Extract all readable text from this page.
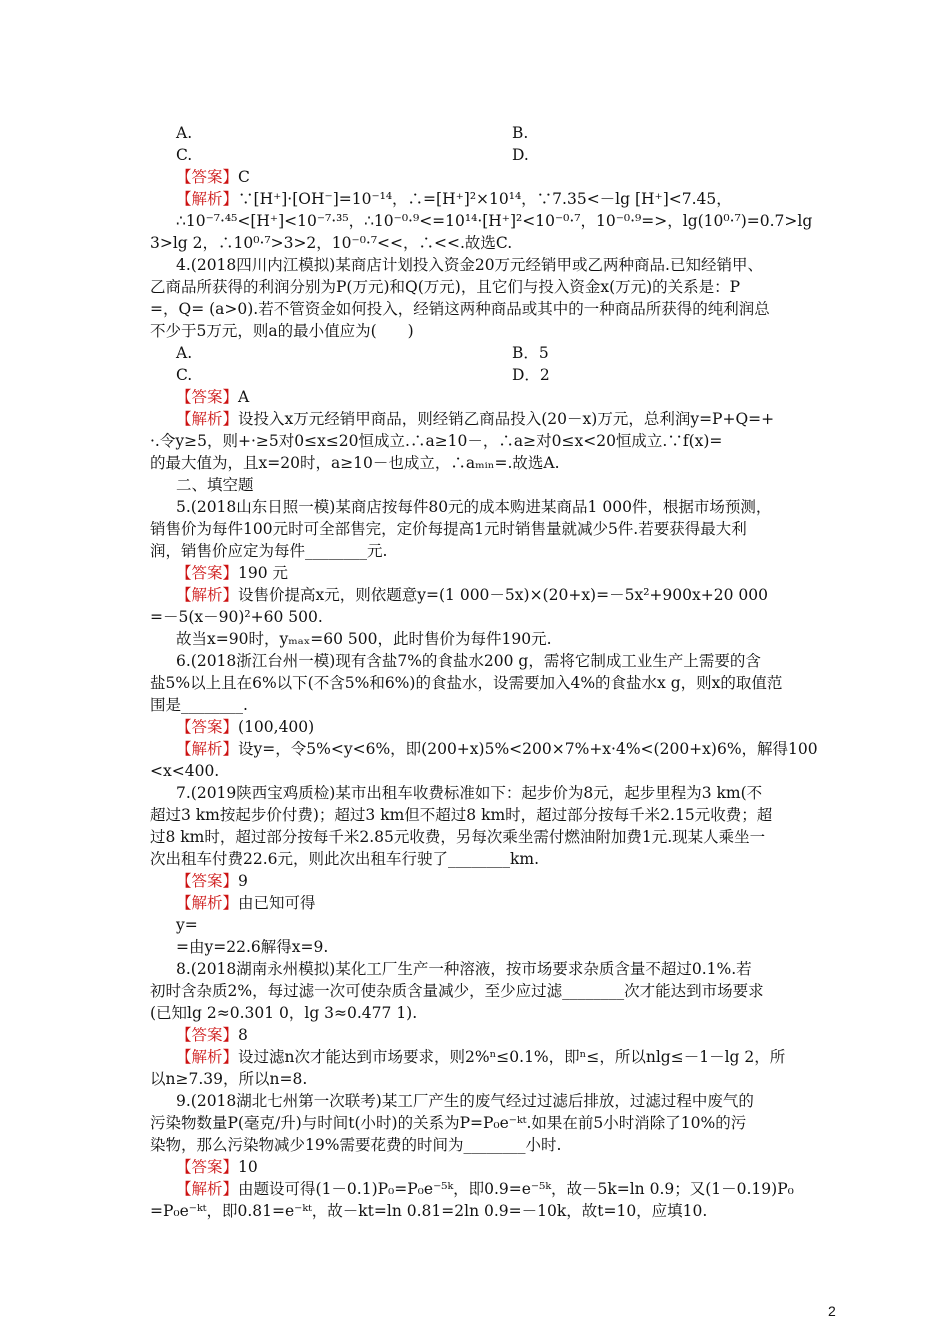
A.	B.
C.	D.
【答案】C
【解析】∵[H⁺]·[OH⁻]=10⁻¹⁴，∴=[H⁺]²×10¹⁴，∵7.35<－lg [H⁺]<7.45，
∴10⁻⁷·⁴⁵<[H⁺]<10⁻⁷·³⁵，∴10⁻⁰·⁹<=10¹⁴·[H⁺]²<10⁻⁰·⁷，10⁻⁰·⁹=>，lg(10⁰·⁷)=0.7>lg
3>lg 2，∴10⁰·⁷>3>2，10⁻⁰·⁷<<，∴<<.故选C.
4.(2018四川内江模拟)某商店计划投入资金20万元经销甲或乙两种商品.已知经销甲、
乙商品所获得的利润分别为P(万元)和Q(万元)，且它们与投入资金x(万元)的关系是：P
=，Q= (a>0).若不管资金如何投入，经销这两种商品或其中的一种商品所获得的纯利润总
不少于5万元，则a的最小值应为(　　)
A.	B．5
C.	D．2
【答案】A
【解析】设投入x万元经销甲商品，则经销乙商品投入(20－x)万元，总利润y=P+Q=+
·.令y≥5，则+·≥5对0≤x≤20恒成立.∴a≥10－，∴a≥对0≤x<20恒成立.∵f(x)=
的最大值为，且x=20时，a≥10－也成立，∴aₘᵢₙ=.故选A.
二、填空题
5.(2018山东日照一模)某商店按每件80元的成本购进某商品1 000件，根据市场预测，
销售价为每件100元时可全部售完，定价每提高1元时销售量就减少5件.若要获得最大利
润，销售价应定为每件________元.
【答案】190 元
【解析】设售价提高x元，则依题意y=(1 000－5x)×(20+x)=－5x²+900x+20 000
=－5(x－90)²+60 500.
故当x=90时，yₘₐₓ=60 500，此时售价为每件190元.
6.(2018浙江台州一模)现有含盐7%的食盐水200 g，需将它制成工业生产上需要的含
盐5%以上且在6%以下(不含5%和6%)的食盐水，设需要加入4%的食盐水x g，则x的取值范
围是________.
【答案】(100,400)
【解析】设y=，令5%<y<6%，即(200+x)5%<200×7%+x·4%<(200+x)6%，解得100
<x<400.
7.(2019陕西宝鸡质检)某市出租车收费标准如下：起步价为8元，起步里程为3 km(不
超过3 km按起步价付费)；超过3 km但不超过8 km时，超过部分按每千米2.15元收费；超
过8 km时，超过部分按每千米2.85元收费，另每次乘坐需付燃油附加费1元.现某人乘坐一
次出租车付费22.6元，则此次出租车行驶了________km.
【答案】9
【解析】由已知可得
y=
=由y=22.6解得x=9.
8.(2018湖南永州模拟)某化工厂生产一种溶液，按市场要求杂质含量不超过0.1%.若
初时含杂质2%，每过滤一次可使杂质含量减少，至少应过滤________次才能达到市场要求
(已知lg 2≈0.301 0，lg 3≈0.477 1).
【答案】8
【解析】设过滤n次才能达到市场要求，则2%ⁿ≤0.1%，即ⁿ≤，所以nlg≤－1－lg 2，所
以n≥7.39，所以n=8.
9.(2018湖北七州第一次联考)某工厂产生的废气经过过滤后排放，过滤过程中废气的
污染物数量P(毫克/升)与时间t(小时)的关系为P=P₀e⁻ᵏᵗ.如果在前5小时消除了10%的污
染物，那么污染物减少19%需要花费的时间为________小时.
【答案】10
【解析】由题设可得(1－0.1)P₀=P₀e⁻⁵ᵏ，即0.9=e⁻⁵ᵏ，故－5k=ln 0.9；又(1－0.19)P₀
=P₀e⁻ᵏᵗ，即0.81=e⁻ᵏᵗ，故－kt=ln 0.81=2ln 0.9=－10k，故t=10，应填10.
2
